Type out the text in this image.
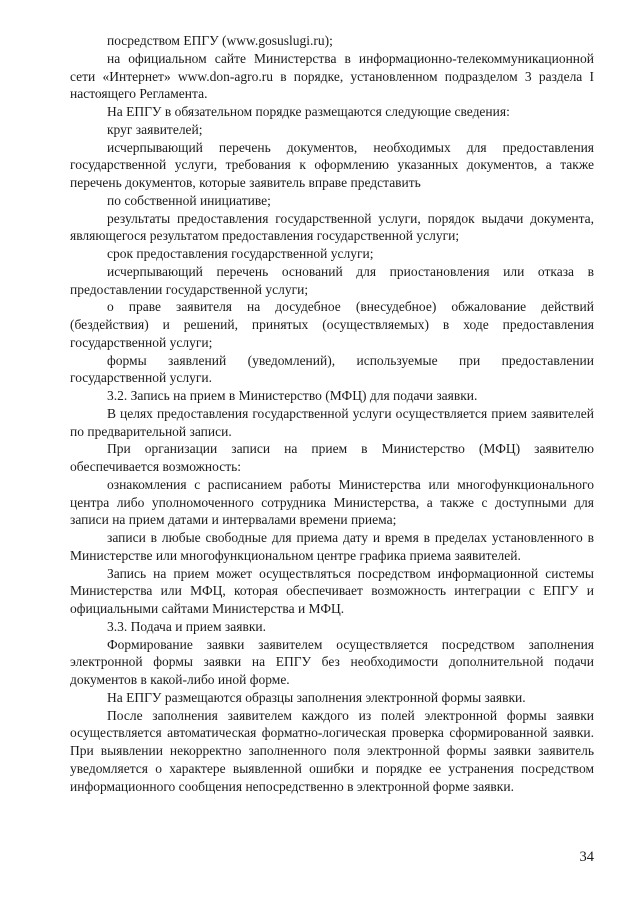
посредством ЕПГУ (www.gosuslugi.ru);

на официальном сайте Министерства в информационно-телекоммуникационной сети «Интернет» www.don-agro.ru в порядке, установленном подразделом 3 раздела I настоящего Регламента.

На ЕПГУ в обязательном порядке размещаются следующие сведения:

круг заявителей;

исчерпывающий перечень документов, необходимых для предоставления государственной услуги, требования к оформлению указанных документов, а также перечень документов, которые заявитель вправе представить

по собственной инициативе;

результаты предоставления государственной услуги, порядок выдачи документа, являющегося результатом предоставления государственной услуги;

срок предоставления государственной услуги;

исчерпывающий перечень оснований для приостановления или отказа в предоставлении государственной услуги;

о праве заявителя на досудебное (внесудебное) обжалование действий (бездействия) и решений, принятых (осуществляемых) в ходе предоставления государственной услуги;

формы заявлений (уведомлений), используемые при предоставлении государственной услуги.

3.2. Запись на прием в Министерство (МФЦ) для подачи заявки.

В целях предоставления государственной услуги осуществляется прием заявителей по предварительной записи.

При организации записи на прием в Министерство (МФЦ) заявителю обеспечивается возможность:

ознакомления с расписанием работы Министерства или многофункционального центра либо уполномоченного сотрудника Министерства, а также с доступными для записи на прием датами и интервалами времени приема;

записи в любые свободные для приема дату и время в пределах установленного в Министерстве или многофункциональном центре графика приема заявителей.

Запись на прием может осуществляться посредством информационной системы Министерства или МФЦ, которая обеспечивает возможность интеграции с ЕПГУ и официальными сайтами Министерства и МФЦ.

3.3. Подача и прием заявки.

Формирование заявки заявителем осуществляется посредством заполнения электронной формы заявки на ЕПГУ без необходимости дополнительной подачи документов в какой-либо иной форме.

На ЕПГУ размещаются образцы заполнения электронной формы заявки.

После заполнения заявителем каждого из полей электронной формы заявки осуществляется автоматическая форматно-логическая проверка сформированной заявки. При выявлении некорректно заполненного поля электронной формы заявки заявитель уведомляется о характере выявленной ошибки и порядке ее устранения посредством информационного сообщения непосредственно в электронной форме заявки.

34
